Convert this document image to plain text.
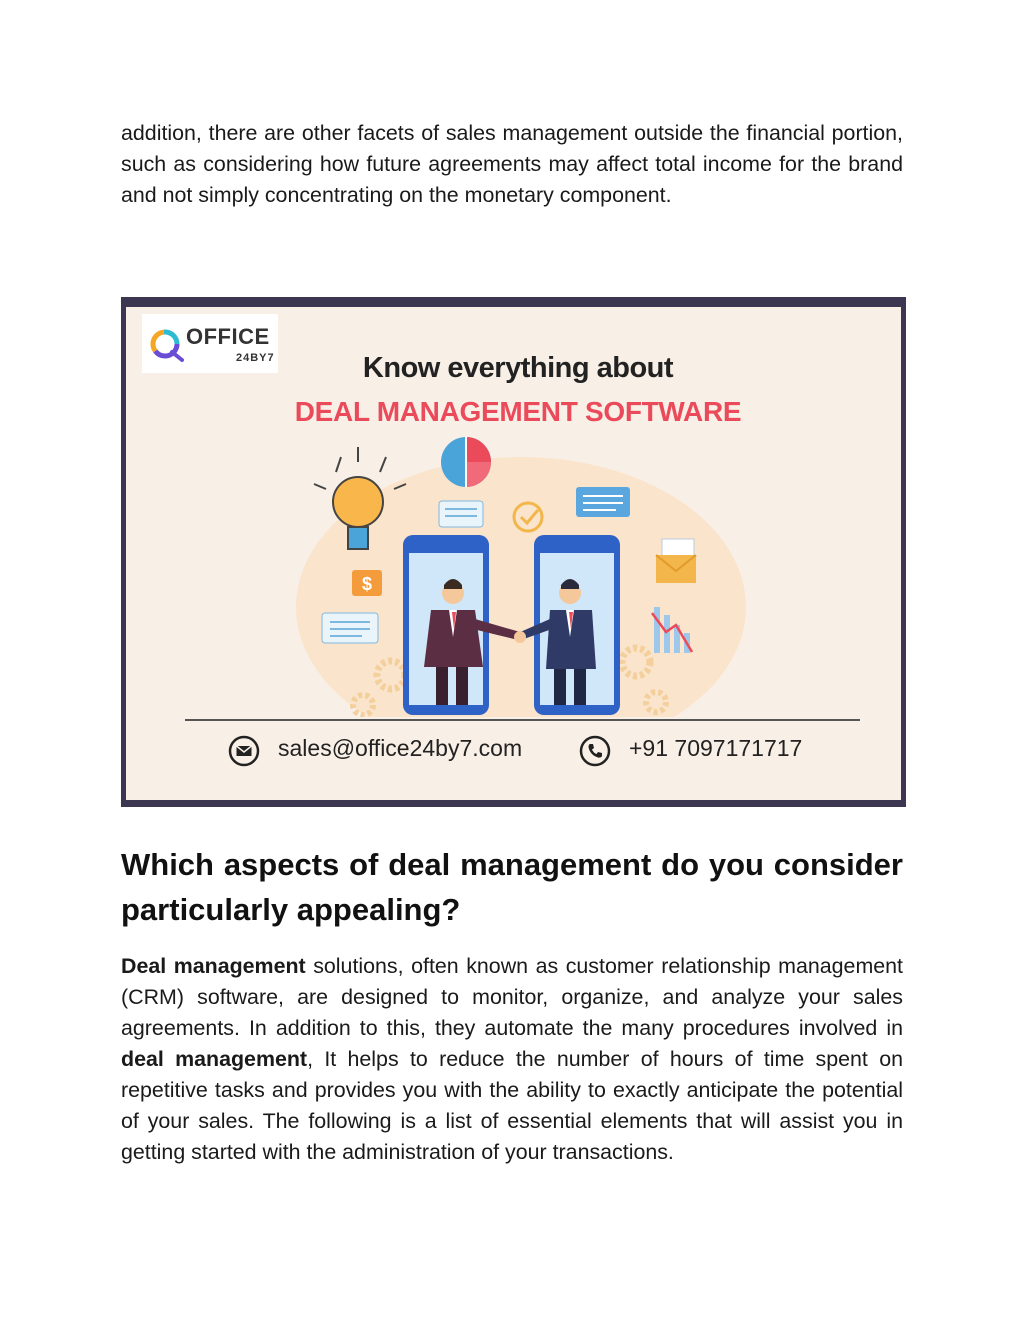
addition, there are other facets of sales management outside the financial portion, such as considering how future agreements may affect total income for the brand and not simply concentrating on the monetary component.

OFFICE
24BY7	Know everything about
DEAL MANAGEMENT SOFTWARE
$
sales@office24by7.com	+91 7097171717
Which aspects of deal management do you consider particularly appealing?

Deal management solutions, often known as customer relationship management (CRM) software, are designed to monitor, organize, and analyze your sales agreements. In addition to this, they automate the many procedures involved in deal management, It helps to reduce the number of hours of time spent on repetitive tasks and provides you with the ability to exactly anticipate the potential of your sales. The following is a list of essential elements that will assist you in getting started with the administration of your transactions.
